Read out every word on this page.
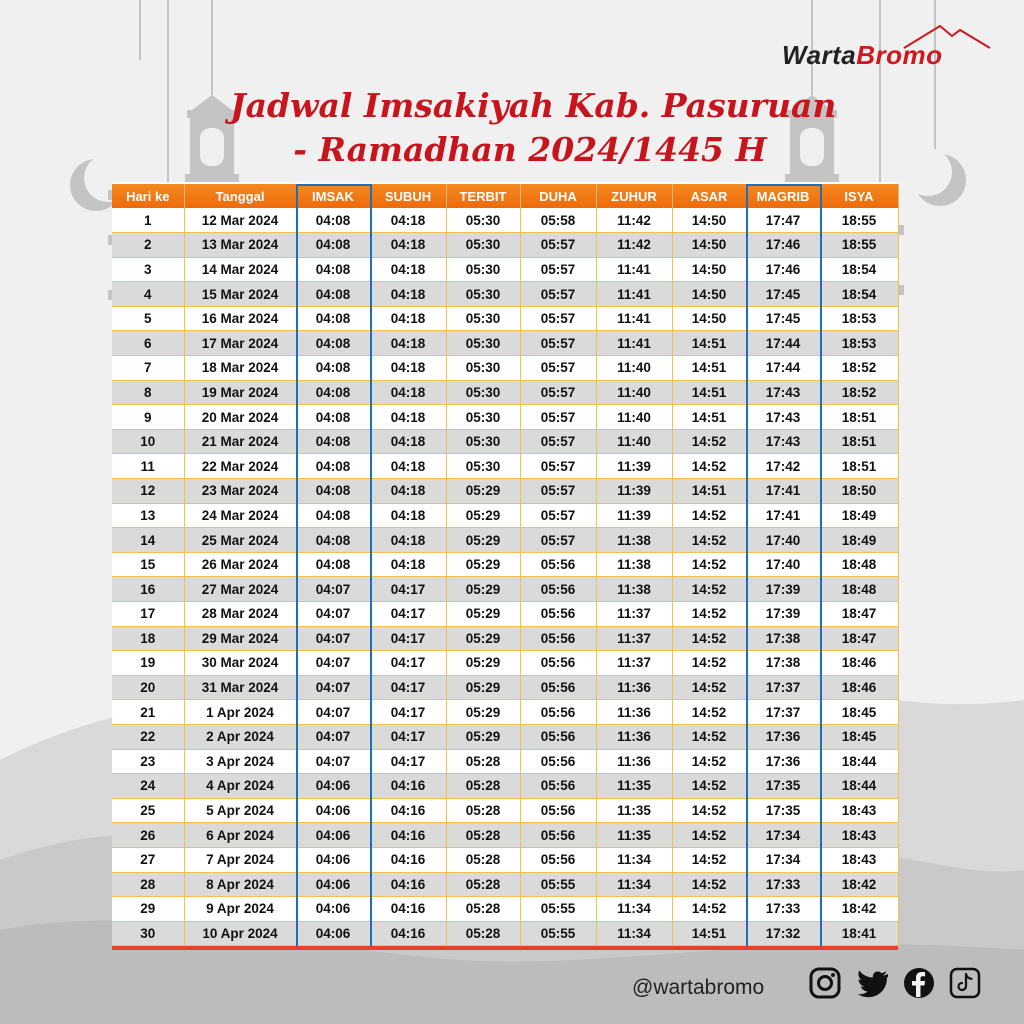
WartaBromo
Jadwal Imsakiyah Kab. Pasuruan
- Ramadhan 2024/1445 H
Hari ke	Tanggal	IMSAK	SUBUH	TERBIT	DUHA	ZUHUR	ASAR	MAGRIB	ISYA
1	12 Mar 2024	04:08	04:18	05:30	05:58	11:42	14:50	17:47	18:55
2	13 Mar 2024	04:08	04:18	05:30	05:57	11:42	14:50	17:46	18:55
3	14 Mar 2024	04:08	04:18	05:30	05:57	11:41	14:50	17:46	18:54
4	15 Mar 2024	04:08	04:18	05:30	05:57	11:41	14:50	17:45	18:54
5	16 Mar 2024	04:08	04:18	05:30	05:57	11:41	14:50	17:45	18:53
6	17 Mar 2024	04:08	04:18	05:30	05:57	11:41	14:51	17:44	18:53
7	18 Mar 2024	04:08	04:18	05:30	05:57	11:40	14:51	17:44	18:52
8	19 Mar 2024	04:08	04:18	05:30	05:57	11:40	14:51	17:43	18:52
9	20 Mar 2024	04:08	04:18	05:30	05:57	11:40	14:51	17:43	18:51
10	21 Mar 2024	04:08	04:18	05:30	05:57	11:40	14:52	17:43	18:51
11	22 Mar 2024	04:08	04:18	05:30	05:57	11:39	14:52	17:42	18:51
12	23 Mar 2024	04:08	04:18	05:29	05:57	11:39	14:51	17:41	18:50
13	24 Mar 2024	04:08	04:18	05:29	05:57	11:39	14:52	17:41	18:49
14	25 Mar 2024	04:08	04:18	05:29	05:57	11:38	14:52	17:40	18:49
15	26 Mar 2024	04:08	04:18	05:29	05:56	11:38	14:52	17:40	18:48
16	27 Mar 2024	04:07	04:17	05:29	05:56	11:38	14:52	17:39	18:48
17	28 Mar 2024	04:07	04:17	05:29	05:56	11:37	14:52	17:39	18:47
18	29 Mar 2024	04:07	04:17	05:29	05:56	11:37	14:52	17:38	18:47
19	30 Mar 2024	04:07	04:17	05:29	05:56	11:37	14:52	17:38	18:46
20	31 Mar 2024	04:07	04:17	05:29	05:56	11:36	14:52	17:37	18:46
21	1 Apr 2024	04:07	04:17	05:29	05:56	11:36	14:52	17:37	18:45
22	2 Apr 2024	04:07	04:17	05:29	05:56	11:36	14:52	17:36	18:45
23	3 Apr 2024	04:07	04:17	05:28	05:56	11:36	14:52	17:36	18:44
24	4 Apr 2024	04:06	04:16	05:28	05:56	11:35	14:52	17:35	18:44
25	5 Apr 2024	04:06	04:16	05:28	05:56	11:35	14:52	17:35	18:43
26	6 Apr 2024	04:06	04:16	05:28	05:56	11:35	14:52	17:34	18:43
27	7 Apr 2024	04:06	04:16	05:28	05:56	11:34	14:52	17:34	18:43
28	8 Apr 2024	04:06	04:16	05:28	05:55	11:34	14:52	17:33	18:42
29	9 Apr 2024	04:06	04:16	05:28	05:55	11:34	14:52	17:33	18:42
30	10 Apr 2024	04:06	04:16	05:28	05:55	11:34	14:51	17:32	18:41
@wartabromo
